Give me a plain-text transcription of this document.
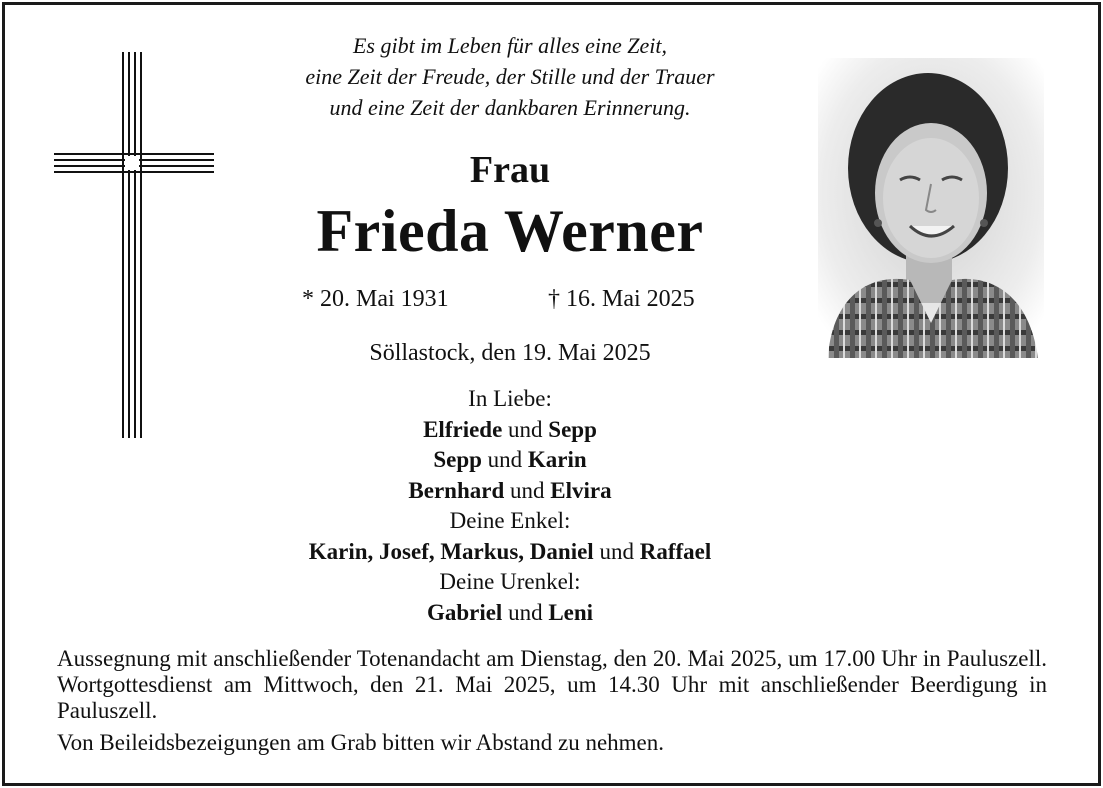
Es gibt im Leben für alles eine Zeit,
eine Zeit der Freude, der Stille und der Trauer
und eine Zeit der dankbaren Erinnerung.
Frau
Frieda Werner
* 20. Mai 1931	† 16. Mai 2025
Söllastock, den 19. Mai 2025
In Liebe:
Elfriede und Sepp
Sepp und Karin
Bernhard und Elvira
Deine Enkel:
Karin, Josef, Markus, Daniel und Raffael
Deine Urenkel:
Gabriel und Leni

Aussegnung mit anschließender Totenandacht am Dienstag, den 20. Mai 2025, um 17.00 Uhr in Pauluszell. Wortgottesdienst am Mittwoch, den 21. Mai 2025, um 14.30 Uhr mit anschließender Beerdigung in Pauluszell.

Von Beileidsbezeigungen am Grab bitten wir Abstand zu nehmen.
